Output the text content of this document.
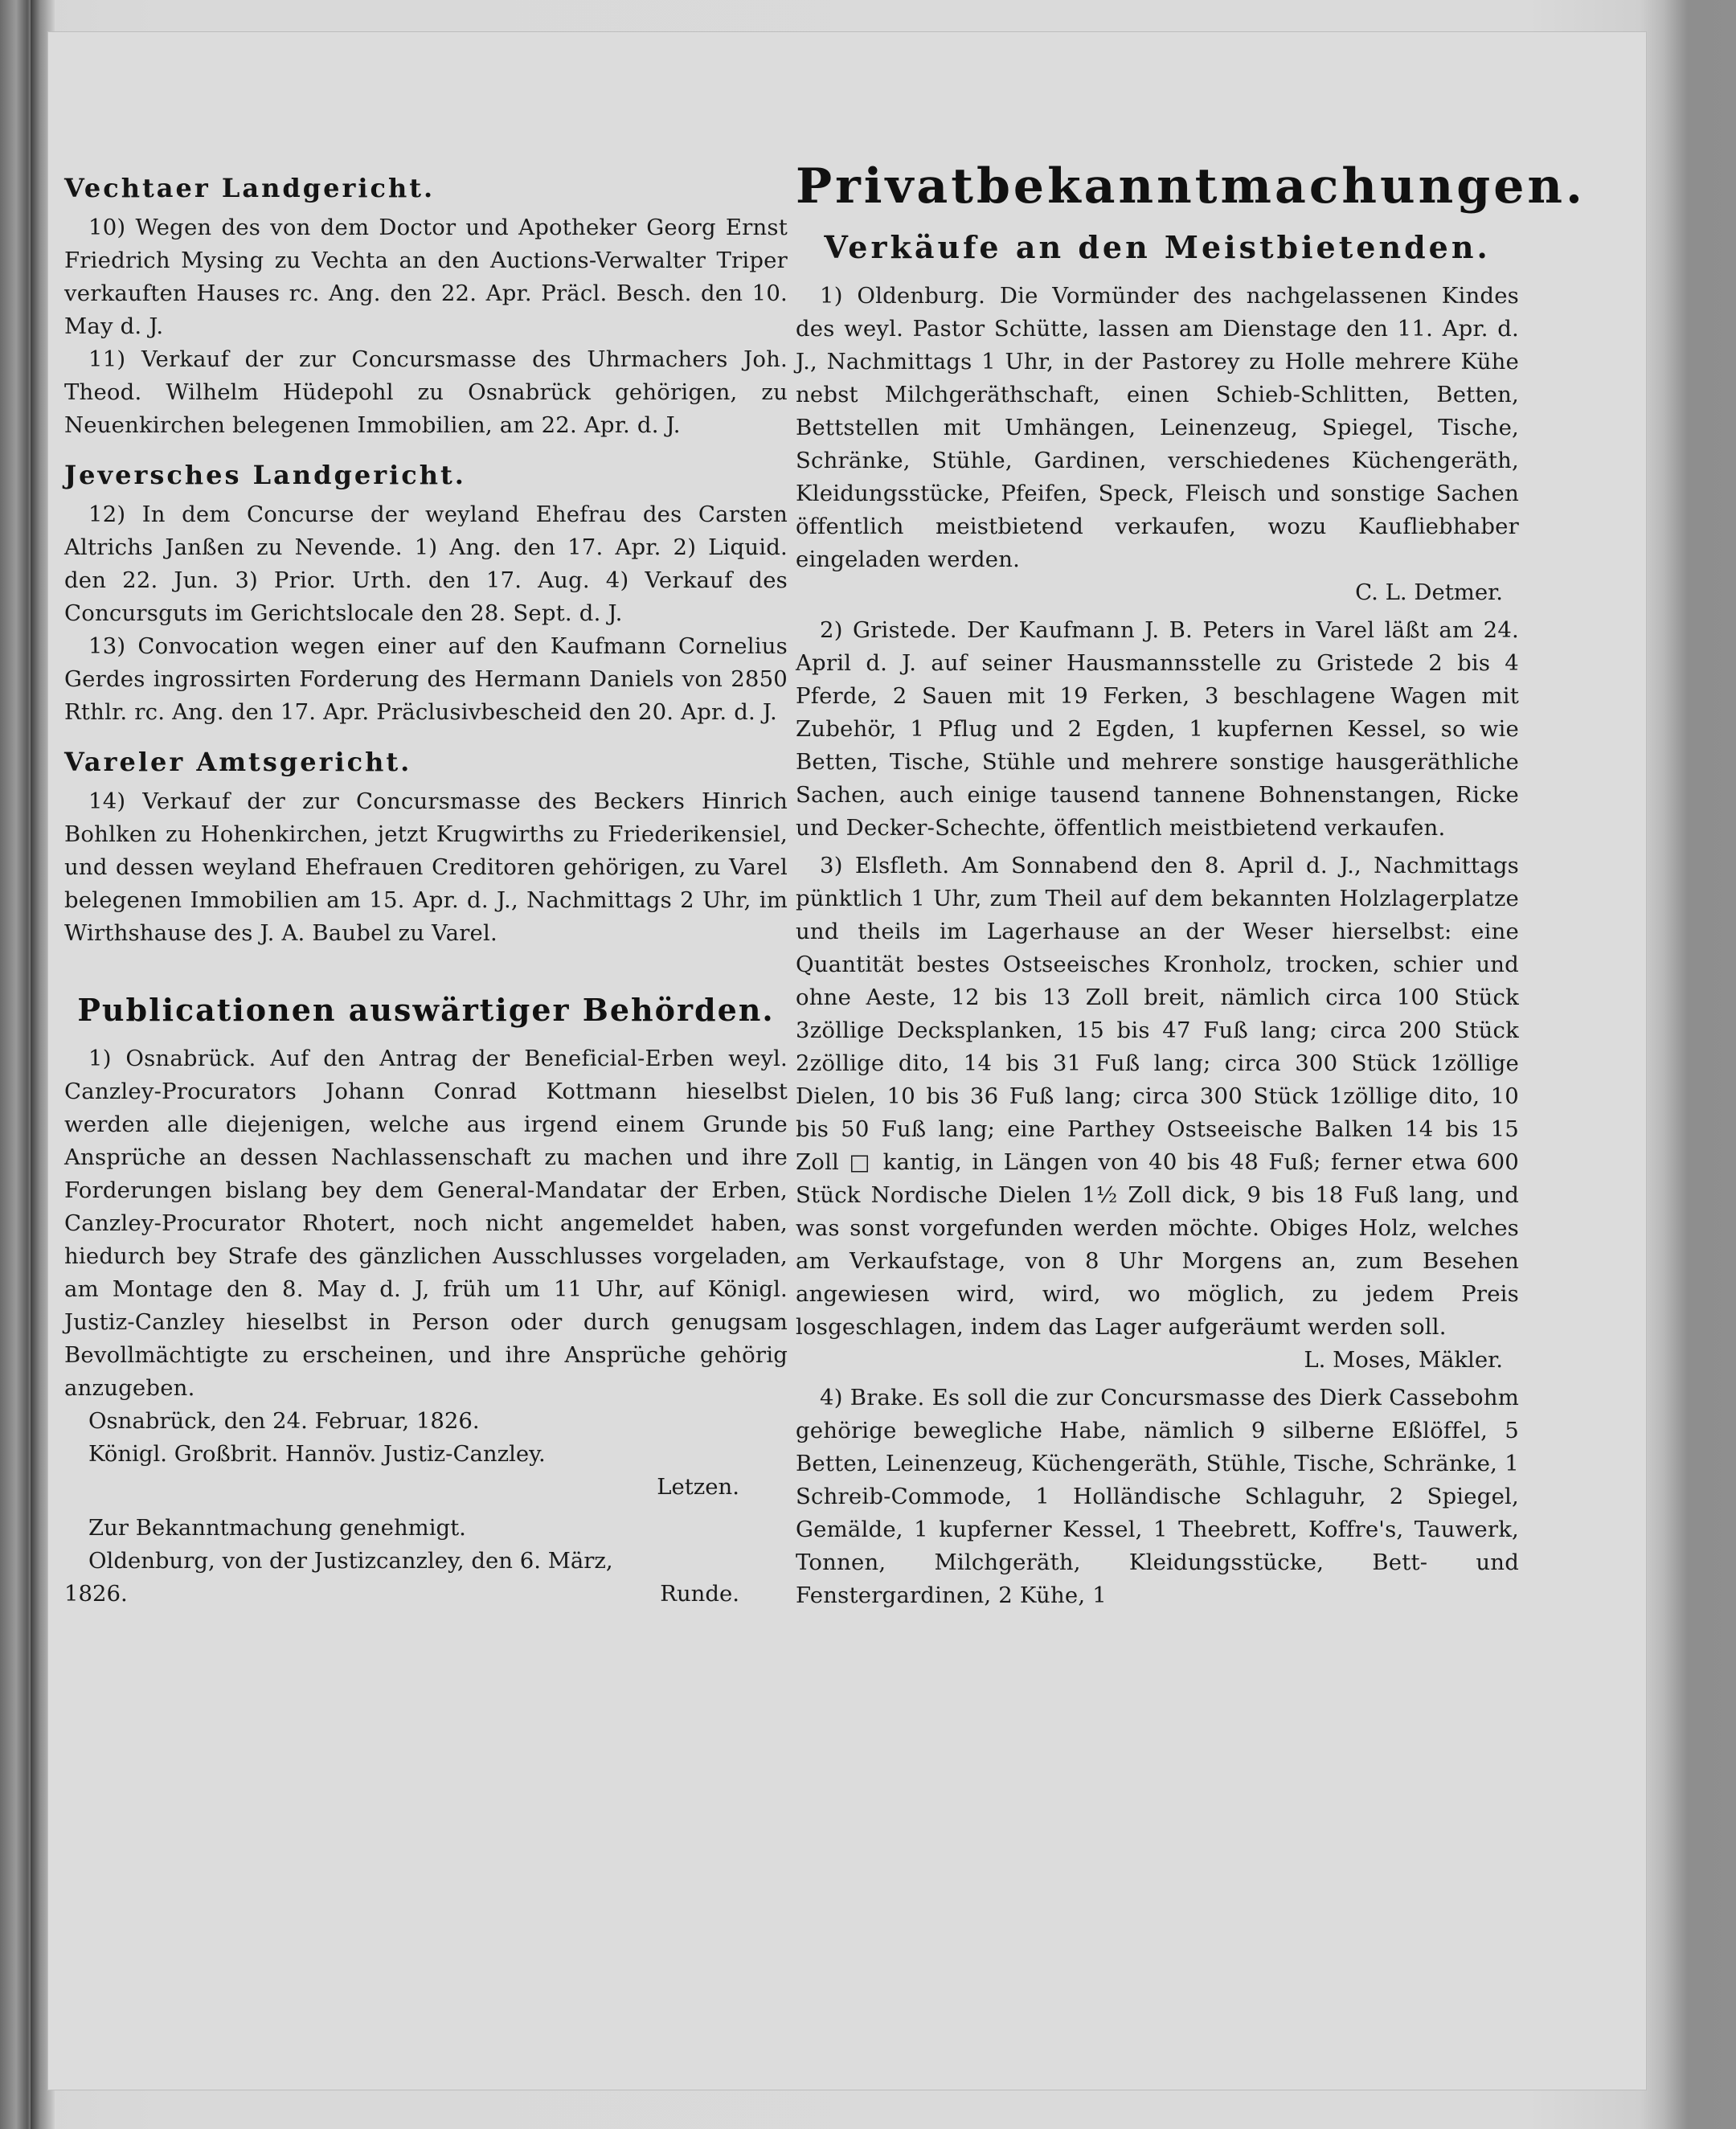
Vechtaer Landgericht.

10) Wegen des von dem Doctor und Apotheker Georg Ernst Friedrich Mysing zu Vechta an den Auctions-Verwalter Triper verkauften Hauses rc. Ang. den 22. Apr. Präcl. Besch. den 10. May d. J.

11) Verkauf der zur Concursmasse des Uhrmachers Joh. Theod. Wilhelm Hüdepohl zu Osnabrück gehörigen, zu Neuenkirchen belegenen Immobilien, am 22. Apr. d. J.

Jeversches Landgericht.

12) In dem Concurse der weyland Ehefrau des Carsten Altrichs Janßen zu Nevende. 1) Ang. den 17. Apr. 2) Liquid. den 22. Jun. 3) Prior. Urth. den 17. Aug. 4) Verkauf des Concursguts im Gerichtslocale den 28. Sept. d. J.

13) Convocation wegen einer auf den Kaufmann Cornelius Gerdes ingrossirten Forderung des Hermann Daniels von 2850 Rthlr. rc. Ang. den 17. Apr. Präclusivbescheid den 20. Apr. d. J.

Vareler Amtsgericht.

14) Verkauf der zur Concursmasse des Beckers Hinrich Bohlken zu Hohenkirchen, jetzt Krugwirths zu Friederikensiel, und dessen weyland Ehefrauen Creditoren gehörigen, zu Varel belegenen Immobilien am 15. Apr. d. J., Nachmittags 2 Uhr, im Wirthshause des J. A. Baubel zu Varel.

Publicationen auswärtiger Behörden.

1) Osnabrück. Auf den Antrag der Beneficial-Erben weyl. Canzley-Procurators Johann Conrad Kottmann hieselbst werden alle diejenigen, welche aus irgend einem Grunde Ansprüche an dessen Nachlassenschaft zu machen und ihre Forderungen bislang bey dem General-Mandatar der Erben, Canzley-Procurator Rhotert, noch nicht angemeldet haben, hiedurch bey Strafe des gänzlichen Ausschlusses vorgeladen, am Montage den 8. May d. J, früh um 11 Uhr, auf Königl. Justiz-Canzley hieselbst in Person oder durch genugsam Bevollmächtigte zu erscheinen, und ihre Ansprüche gehörig anzugeben.

Osnabrück, den 24. Februar, 1826.

Königl. Großbrit. Hannöv. Justiz-Canzley.

Letzen.

Zur Bekanntmachung genehmigt.

Oldenburg, von der Justizcanzley, den 6. März,

1826.	Runde.
Privatbekanntmachungen.
Verkäufe an den Meistbietenden.

1) Oldenburg. Die Vormünder des nachgelassenen Kindes des weyl. Pastor Schütte, lassen am Dienstage den 11. Apr. d. J., Nachmittags 1 Uhr, in der Pastorey zu Holle mehrere Kühe nebst Milchgeräthschaft, einen Schieb-Schlitten, Betten, Bettstellen mit Umhängen, Leinenzeug, Spiegel, Tische, Schränke, Stühle, Gardinen, verschiedenes Küchengeräth, Kleidungsstücke, Pfeifen, Speck, Fleisch und sonstige Sachen öffentlich meistbietend verkaufen, wozu Kaufliebhaber eingeladen werden.

C. L. Detmer.

2) Gristede. Der Kaufmann J. B. Peters in Varel läßt am 24. April d. J. auf seiner Hausmannsstelle zu Gristede 2 bis 4 Pferde, 2 Sauen mit 19 Ferken, 3 beschlagene Wagen mit Zubehör, 1 Pflug und 2 Egden, 1 kupfernen Kessel, so wie Betten, Tische, Stühle und mehrere sonstige hausgeräthliche Sachen, auch einige tausend tannene Bohnenstangen, Ricke und Decker-Schechte, öffentlich meistbietend verkaufen.

3) Elsfleth. Am Sonnabend den 8. April d. J., Nachmittags pünktlich 1 Uhr, zum Theil auf dem bekannten Holzlagerplatze und theils im Lagerhause an der Weser hierselbst: eine Quantität bestes Ostseeisches Kronholz, trocken, schier und ohne Aeste, 12 bis 13 Zoll breit, nämlich circa 100 Stück 3zöllige Decksplanken, 15 bis 47 Fuß lang; circa 200 Stück 2zöllige dito, 14 bis 31 Fuß lang; circa 300 Stück 1zöllige Dielen, 10 bis 36 Fuß lang; circa 300 Stück 1zöllige dito, 10 bis 50 Fuß lang; eine Parthey Ostseeische Balken 14 bis 15 Zoll □ kantig, in Längen von 40 bis 48 Fuß; ferner etwa 600 Stück Nordische Dielen 1½ Zoll dick, 9 bis 18 Fuß lang, und was sonst vorgefunden werden möchte. Obiges Holz, welches am Verkaufstage, von 8 Uhr Morgens an, zum Besehen angewiesen wird, wird, wo möglich, zu jedem Preis losgeschlagen, indem das Lager aufgeräumt werden soll.

L. Moses, Mäkler.

4) Brake. Es soll die zur Concursmasse des Dierk Cassebohm gehörige bewegliche Habe, nämlich 9 silberne Eßlöffel, 5 Betten, Leinenzeug, Küchengeräth, Stühle, Tische, Schränke, 1 Schreib-Commode, 1 Holländische Schlaguhr, 2 Spiegel, Gemälde, 1 kupferner Kessel, 1 Theebrett, Koffre's, Tauwerk, Tonnen, Milchgeräth, Kleidungsstücke, Bett- und Fenstergardinen, 2 Kühe, 1
